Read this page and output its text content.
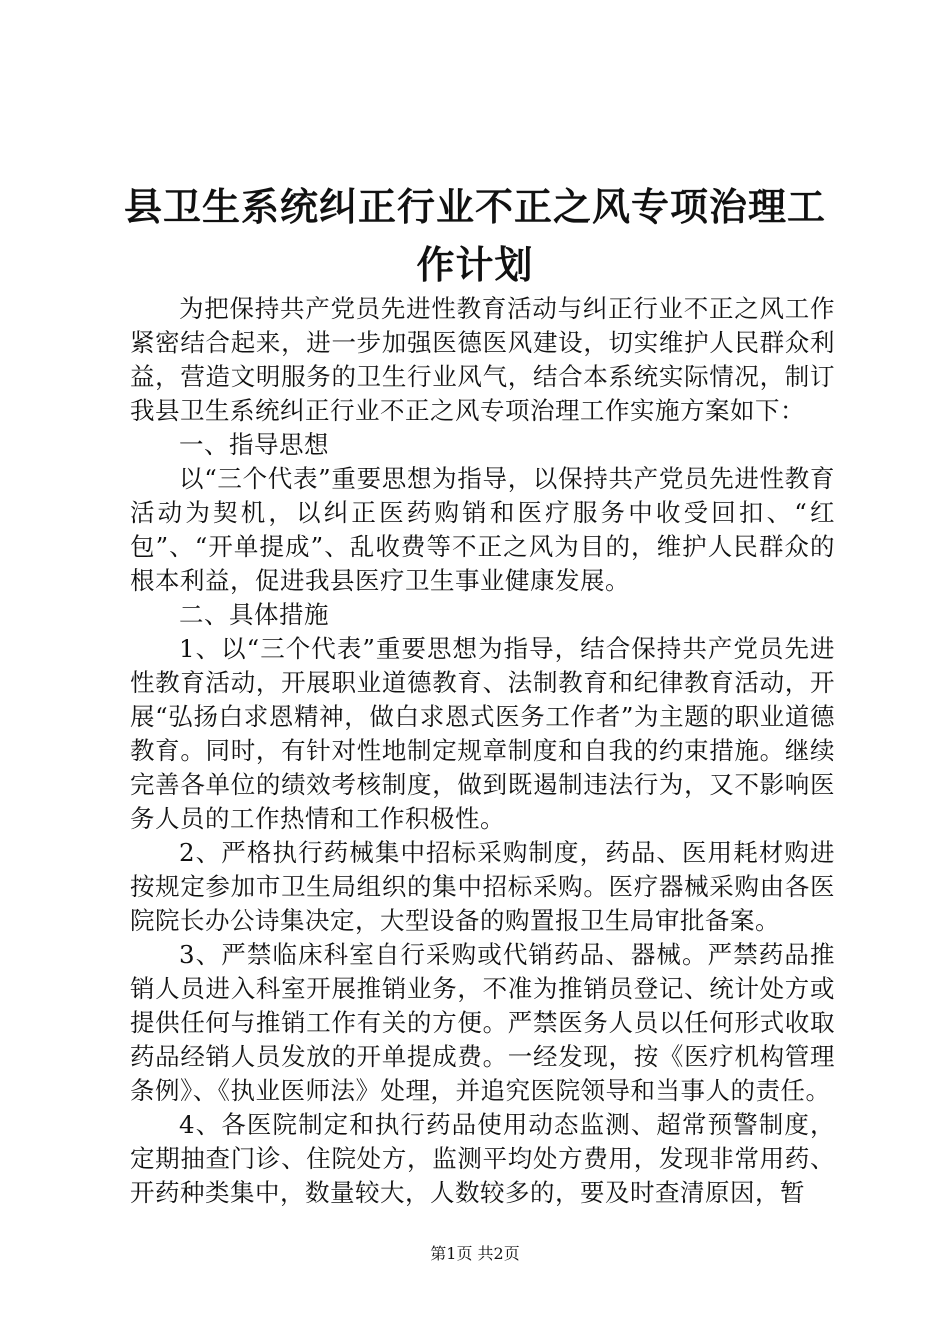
县卫生系统纠正行业不正之风专项治理工作计划

为把保持共产党员先进性教育活动与纠正行业不正之风工作紧密结合起来，进一步加强医德医风建设，切实维护人民群众利益，营造文明服务的卫生行业风气，结合本系统实际情况，制订我县卫生系统纠正行业不正之风专项治理工作实施方案如下：

一、指导思想

以“三个代表”重要思想为指导，以保持共产党员先进性教育活动为契机，以纠正医药购销和医疗服务中收受回扣、“红包”、“开单提成”、乱收费等不正之风为目的，维护人民群众的根本利益，促进我县医疗卫生事业健康发展。

二、具体措施

1、以“三个代表”重要思想为指导，结合保持共产党员先进性教育活动，开展职业道德教育、法制教育和纪律教育活动，开展“弘扬白求恩精神，做白求恩式医务工作者”为主题的职业道德教育。同时，有针对性地制定规章制度和自我的约束措施。继续完善各单位的绩效考核制度，做到既遏制违法行为，又不影响医务人员的工作热情和工作积极性。

2、严格执行药械集中招标采购制度，药品、医用耗材购进按规定参加市卫生局组织的集中招标采购。医疗器械采购由各医院院长办公诗集决定，大型设备的购置报卫生局审批备案。

3、严禁临床科室自行采购或代销药品、器械。严禁药品推销人员进入科室开展推销业务，不准为推销员登记、统计处方或提供任何与推销工作有关的方便。严禁医务人员以任何形式收取药品经销人员发放的开单提成费。一经发现，按《医疗机构管理条例》、《执业医师法》处理，并追究医院领导和当事人的责任。

4、各医院制定和执行药品使用动态监测、超常预警制度，定期抽查门诊、住院处方，监测平均处方费用，发现非常用药、开药种类集中，数量较大，人数较多的，要及时查清原因，暂

第1页 共2页
